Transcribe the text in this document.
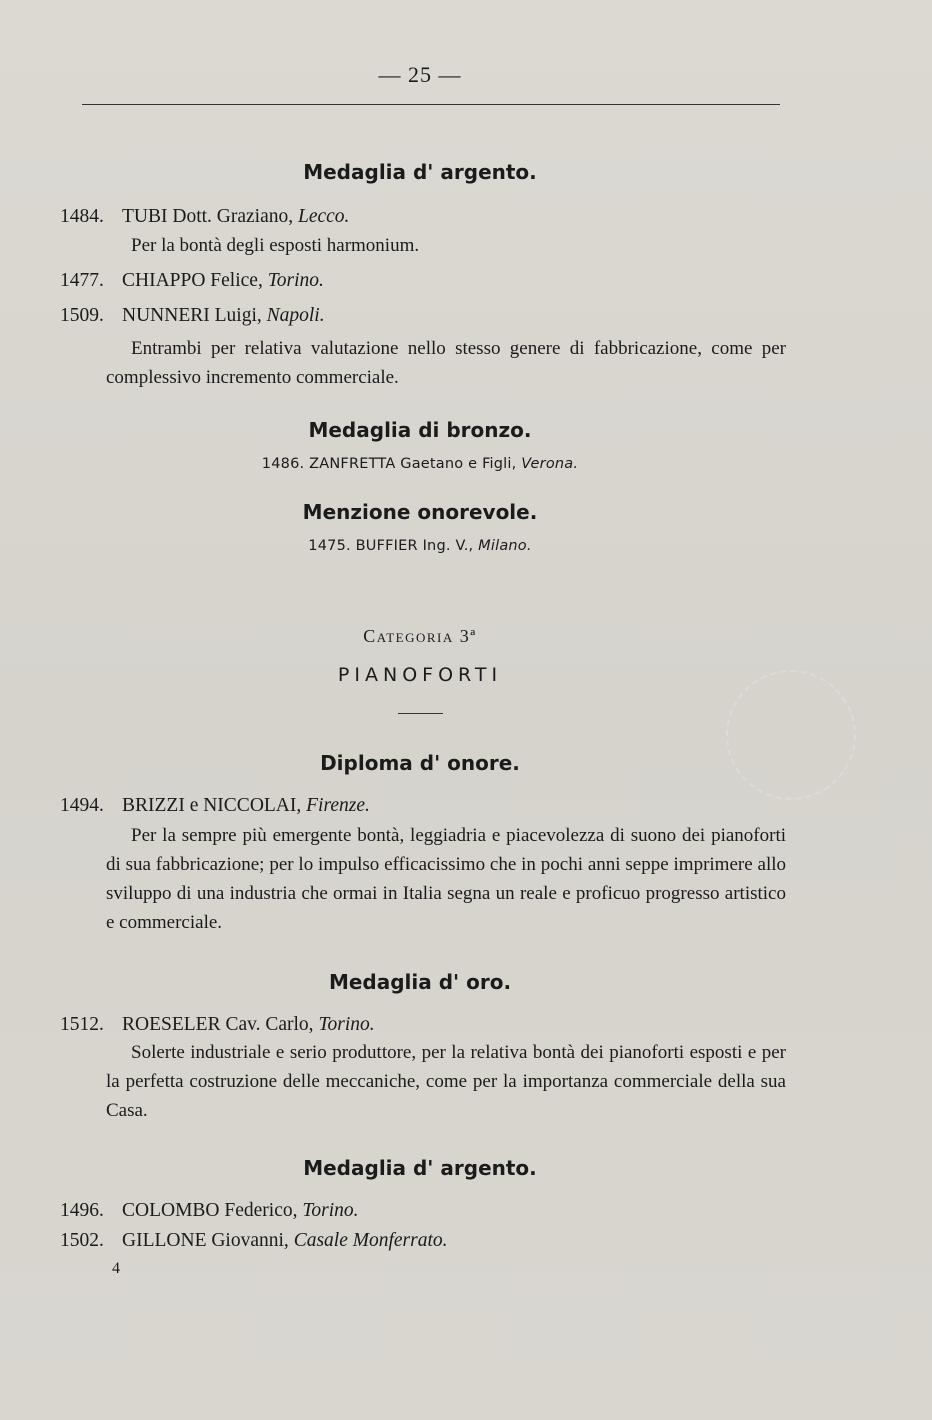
— 25 —
Medaglia d' argento.
1484. TUBI Dott. Graziano, Lecco.
Per la bontà degli esposti harmonium.
1477. CHIAPPO Felice, Torino.
1509. NUNNERI Luigi, Napoli.
Entrambi per relativa valutazione nello stesso genere di fabbricazione, come per complessivo incremento commerciale.
Medaglia di bronzo.
1486. ZANFRETTA Gaetano e Figli, Verona.
Menzione onorevole.
1475. BUFFIER Ing. V., Milano.
Categoria 3ª
PIANOFORTI
Diploma d' onore.
1494. BRIZZI e NICCOLAI, Firenze.
Per la sempre più emergente bontà, leggiadria e piacevolezza di suono dei pianoforti di sua fabbricazione; per lo impulso efficacissimo che in pochi anni seppe imprimere allo sviluppo di una industria che ormai in Italia segna un reale e proficuo progresso artistico e commerciale.
Medaglia d' oro.
1512. ROESELER Cav. Carlo, Torino.
Solerte industriale e serio produttore, per la relativa bontà dei pianoforti esposti e per la perfetta costruzione delle meccaniche, come per la importanza commerciale della sua Casa.
Medaglia d' argento.
1496. COLOMBO Federico, Torino.
1502. GILLONE Giovanni, Casale Monferrato.
4
